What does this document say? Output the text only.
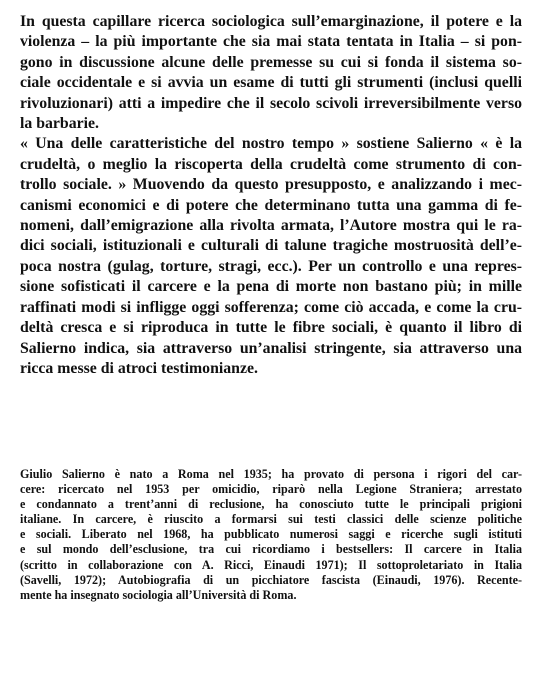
In questa capillare ricerca sociologica sull’emarginazione, il potere e la
violenza – la più importante che sia mai stata tentata in Italia – si pon-
gono in discussione alcune delle premesse su cui si fonda il sistema so-
ciale occidentale e si avvia un esame di tutti gli strumenti (inclusi quelli
rivoluzionari) atti a impedire che il secolo scivoli irreversibilmente verso
la barbarie.

« Una delle caratteristiche del nostro tempo » sostiene Salierno « è la
crudeltà, o meglio la riscoperta della crudeltà come strumento di con-
trollo sociale. » Muovendo da questo presupposto, e analizzando i mec-
canismi economici e di potere che determinano tutta una gamma di fe-
nomeni, dall’emigrazione alla rivolta armata, l’Autore mostra qui le ra-
dici sociali, istituzionali e culturali di talune tragiche mostruosità dell’e-
poca nostra (gulag, torture, stragi, ecc.). Per un controllo e una repres-
sione sofisticati il carcere e la pena di morte non bastano più; in mille
raffinati modi si infligge oggi sofferenza; come ciò accada, e come la cru-
deltà cresca e si riproduca in tutte le fibre sociali, è quanto il libro di
Salierno indica, sia attraverso un’analisi stringente, sia attraverso una
ricca messe di atroci testimonianze.

Giulio Salierno è nato a Roma nel 1935; ha provato di persona i rigori del car-
cere: ricercato nel 1953 per omicidio, riparò nella Legione Straniera; arrestato
e condannato a trent’anni di reclusione, ha conosciuto tutte le principali prigioni
italiane. In carcere, è riuscito a formarsi sui testi classici delle scienze politiche
e sociali. Liberato nel 1968, ha pubblicato numerosi saggi e ricerche sugli istituti
e sul mondo dell’esclusione, tra cui ricordiamo i bestsellers: Il carcere in Italia
(scritto in collaborazione con A. Ricci, Einaudi 1971); Il sottoproletariato in Italia
(Savelli, 1972); Autobiografia di un picchiatore fascista (Einaudi, 1976). Recente-
mente ha insegnato sociologia all’Università di Roma.
